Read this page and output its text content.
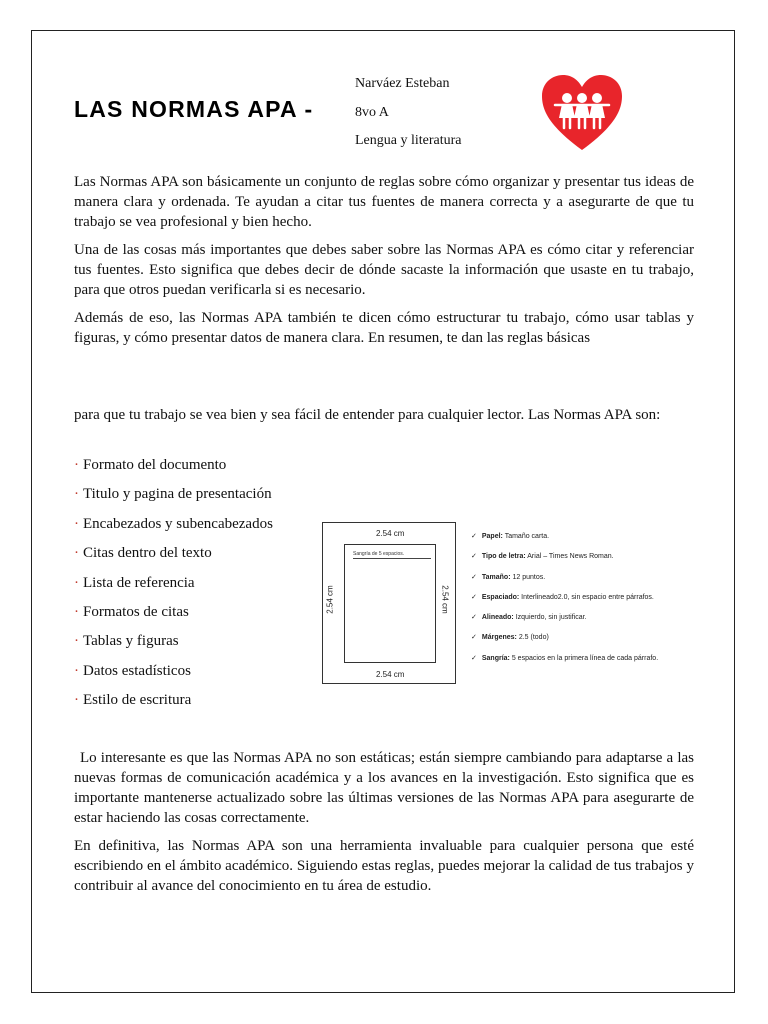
LAS NORMAS APA -
Narváez Esteban
8vo A
Lengua y literatura

Las Normas APA son básicamente un conjunto de reglas sobre cómo organizar y presentar tus ideas de manera clara y ordenada. Te ayudan a citar tus fuentes de manera correcta y a asegurarte de que tu trabajo se vea profesional y bien hecho.

Una de las cosas más importantes que debes saber sobre las Normas APA es cómo citar y referenciar tus fuentes. Esto significa que debes decir de dónde sacaste la información que usaste en tu trabajo, para que otros puedan verificarla si es necesario.

Además de eso, las Normas APA también te dicen cómo estructurar tu trabajo, cómo usar tablas y figuras, y cómo presentar datos de manera clara. En resumen, te dan las reglas básicas

para que tu trabajo se vea bien y sea fácil de entender para cualquier lector. Las Normas APA son:

· Formato del documento
· Titulo y pagina de presentación
· Encabezados y subencabezados
· Citas dentro del texto
· Lista de referencia
· Formatos de citas
· Tablas y figuras
· Datos estadísticos
· Estilo de escritura
2.54 cm
2.54 cm	2.54 cm
2.54 cm
Sangría de 5 espacios.
✓ Papel: Tamaño carta.
✓ Tipo de letra: Arial – Times News Roman.
✓ Tamaño: 12 puntos.
✓ Espaciado: Interlineado2.0, sin espacio entre párrafos.
✓ Alineado: Izquierdo, sin justificar.
✓ Márgenes: 2.5 (todo)
✓ Sangría: 5 espacios en la primera línea de cada párrafo.

Lo interesante es que las Normas APA no son estáticas; están siempre cambiando para adaptarse a las nuevas formas de comunicación académica y a los avances en la investigación. Esto significa que es importante mantenerse actualizado sobre las últimas versiones de las Normas APA para asegurarte de estar haciendo las cosas correctamente.

En definitiva, las Normas APA son una herramienta invaluable para cualquier persona que esté escribiendo en el ámbito académico. Siguiendo estas reglas, puedes mejorar la calidad de tus trabajos y contribuir al avance del conocimiento en tu área de estudio.
